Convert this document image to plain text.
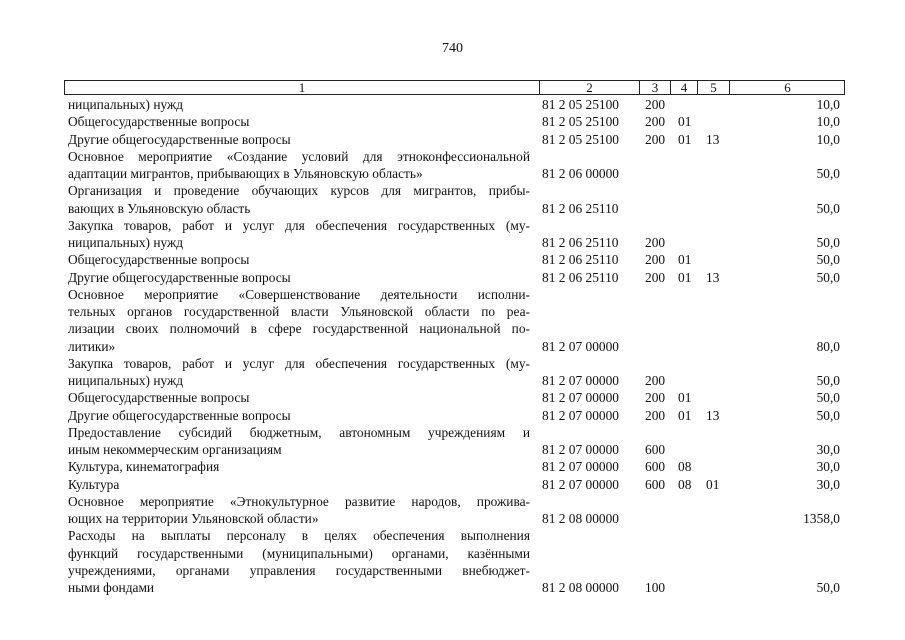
740
1	2	3	4	5	6
ниципальных) нужд	81 2 05 25100 200	10,0
Общегосударственные вопросы	81 2 05 25100 200 01	10,0
Другие общегосударственные вопросы	81 2 05 25100 200 01 13	10,0
Основное мероприятие «Создание условий для этноконфессиональной
адаптации мигрантов, прибывающих в Ульяновскую область»	81 2 06 00000	50,0
Организация и проведение обучающих курсов для мигрантов, прибы-
вающих в Ульяновскую область	81 2 06 25110	50,0
Закупка товаров, работ и услуг для обеспечения государственных (му-
ниципальных) нужд	81 2 06 25110 200	50,0
Общегосударственные вопросы	81 2 06 25110 200 01	50,0
Другие общегосударственные вопросы	81 2 06 25110 200 01 13	50,0
Основное мероприятие «Совершенствование деятельности исполни-
тельных органов государственной власти Ульяновской области по реа-
лизации своих полномочий в сфере государственной национальной по-
литики»	81 2 07 00000	80,0
Закупка товаров, работ и услуг для обеспечения государственных (му-
ниципальных) нужд	81 2 07 00000 200	50,0
Общегосударственные вопросы	81 2 07 00000 200 01	50,0
Другие общегосударственные вопросы	81 2 07 00000 200 01 13	50,0
Предоставление субсидий бюджетным, автономным учреждениям и
иным некоммерческим организациям	81 2 07 00000 600	30,0
Культура, кинематография	81 2 07 00000 600 08	30,0
Культура	81 2 07 00000 600 08 01	30,0
Основное мероприятие «Этнокультурное развитие народов, прожива-
ющих на территории Ульяновской области»	81 2 08 00000	1358,0
Расходы на выплаты персоналу в целях обеспечения выполнения
функций государственными (муниципальными) органами, казёнными
учреждениями, органами управления государственными внебюджет-
ными фондами	81 2 08 00000 100	50,0
